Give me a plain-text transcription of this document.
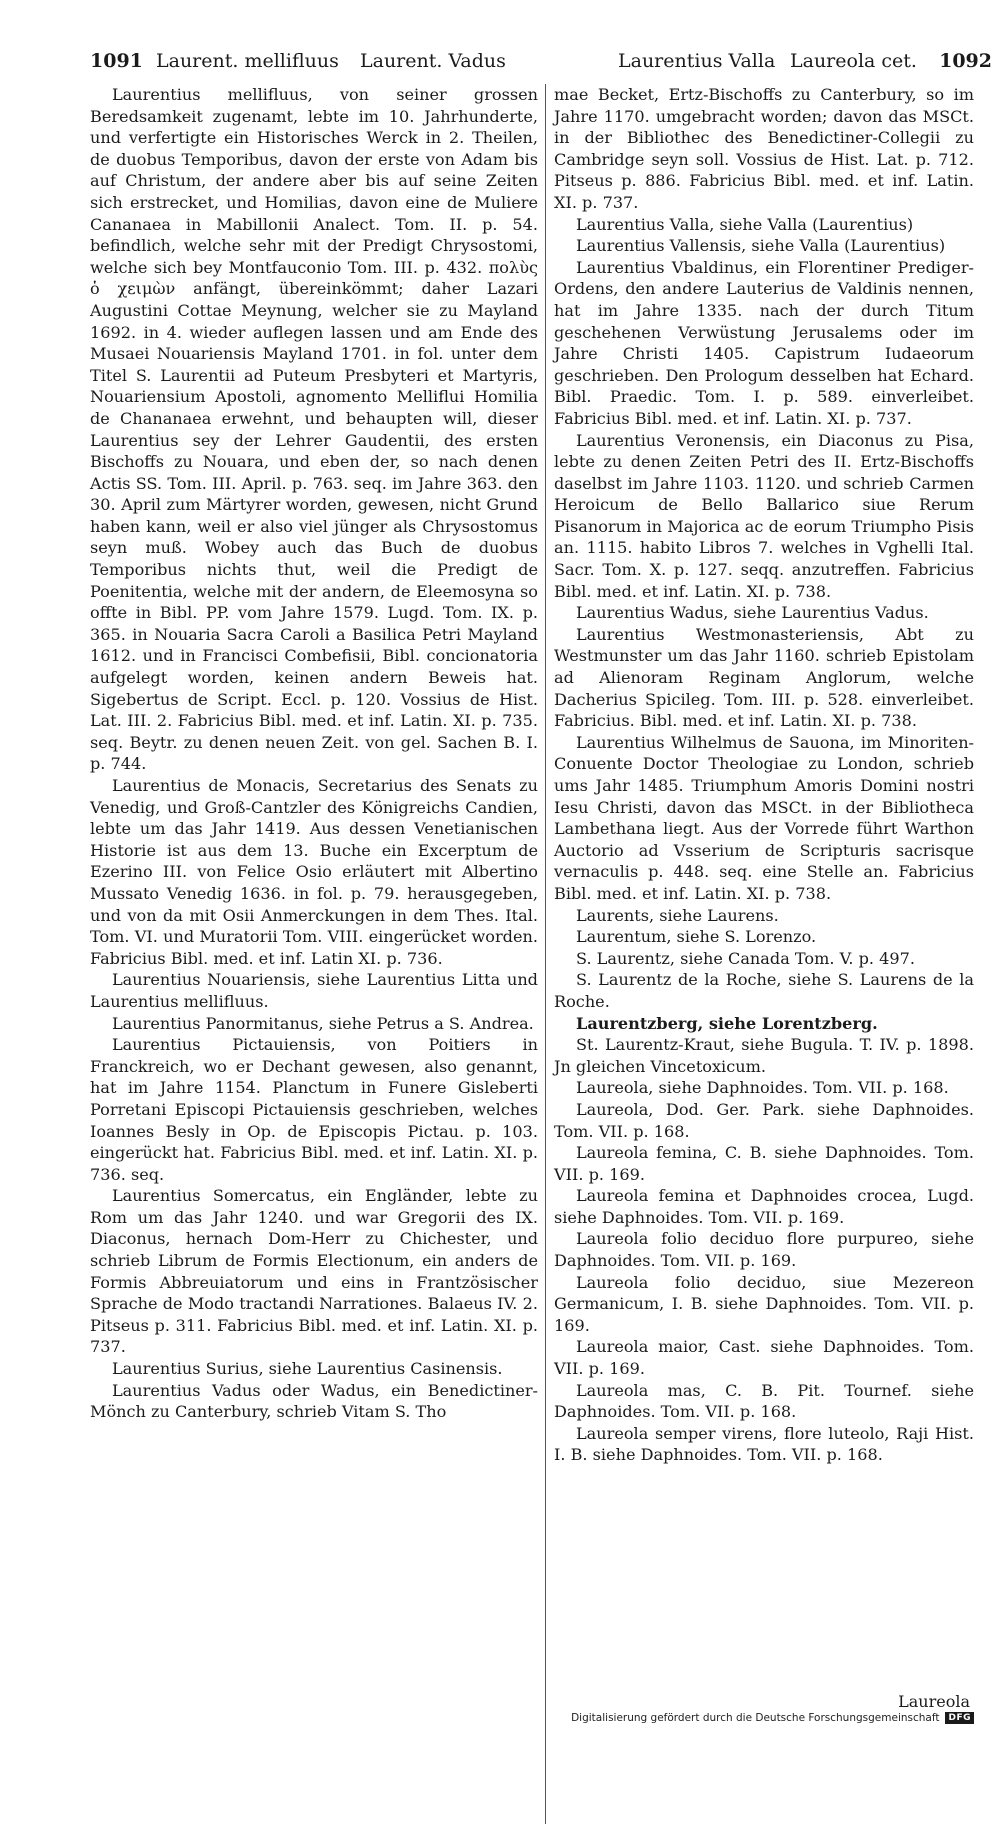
1091 Laurent. mellifluus Laurent. Vadus	Laurentius Valla Laureola cet. 1092

Laurentius mellifluus, von seiner grossen Beredsamkeit zugenamt, lebte im 10. Jahrhunderte, und verfertigte ein Historisches Werck in 2. Theilen, de duobus Temporibus, davon der erste von Adam bis auf Christum, der andere aber bis auf seine Zeiten sich erstrecket, und Homilias, davon eine de Muliere Cananaea in Mabillonii Analect. Tom. II. p. 54. befindlich, welche sehr mit der Predigt Chrysostomi, welche sich bey Montfauconio Tom. III. p. 432. πολὺς ὁ χειμὼν anfängt, übereinkömmt; daher Lazari Augustini Cottae Meynung, welcher sie zu Mayland 1692. in 4. wieder auflegen lassen und am Ende des Musaei Nouariensis Mayland 1701. in fol. unter dem Titel S. Laurentii ad Puteum Presbyteri et Martyris, Nouariensium Apostoli, agnomento Melliflui Homilia de Chananaea erwehnt, und behaupten will, dieser Laurentius sey der Lehrer Gaudentii, des ersten Bischoffs zu Nouara, und eben der, so nach denen Actis SS. Tom. III. April. p. 763. seq. im Jahre 363. den 30. April zum Märtyrer worden, gewesen, nicht Grund haben kann, weil er also viel jünger als Chrysostomus seyn muß. Wobey auch das Buch de duobus Temporibus nichts thut, weil die Predigt de Poenitentia, welche mit der andern, de Eleemosyna so offte in Bibl. PP. vom Jahre 1579. Lugd. Tom. IX. p. 365. in Nouaria Sacra Caroli a Basilica Petri Mayland 1612. und in Francisci Combefisii, Bibl. concionatoria aufgelegt worden, keinen andern Beweis hat. Sigebertus de Script. Eccl. p. 120. Vossius de Hist. Lat. III. 2. Fabricius Bibl. med. et inf. Latin. XI. p. 735. seq. Beytr. zu denen neuen Zeit. von gel. Sachen B. I. p. 744.

Laurentius de Monacis, Secretarius des Senats zu Venedig, und Groß-Cantzler des Königreichs Candien, lebte um das Jahr 1419. Aus dessen Venetianischen Historie ist aus dem 13. Buche ein Excerptum de Ezerino III. von Felice Osio erläutert mit Albertino Mussato Venedig 1636. in fol. p. 79. herausgegeben, und von da mit Osii Anmerckungen in dem Thes. Ital. Tom. VI. und Muratorii Tom. VIII. eingerücket worden. Fabricius Bibl. med. et inf. Latin XI. p. 736.

Laurentius Nouariensis, siehe Laurentius Litta und Laurentius mellifluus.

Laurentius Panormitanus, siehe Petrus a S. Andrea.

Laurentius Pictauiensis, von Poitiers in Franckreich, wo er Dechant gewesen, also genannt, hat im Jahre 1154. Planctum in Funere Gisleberti Porretani Episcopi Pictauiensis geschrieben, welches Ioannes Besly in Op. de Episcopis Pictau. p. 103. eingerückt hat. Fabricius Bibl. med. et inf. Latin. XI. p. 736. seq.

Laurentius Somercatus, ein Engländer, lebte zu Rom um das Jahr 1240. und war Gregorii des IX. Diaconus, hernach Dom-Herr zu Chichester, und schrieb Librum de Formis Electionum, ein anders de Formis Abbreuiatorum und eins in Frantzösischer Sprache de Modo tractandi Narrationes. Balaeus IV. 2. Pitseus p. 311. Fabricius Bibl. med. et inf. Latin. XI. p. 737.

Laurentius Surius, siehe Laurentius Casinensis.

Laurentius Vadus oder Wadus, ein Benedictiner-Mönch zu Canterbury, schrieb Vitam S. Tho

mae Becket, Ertz-Bischoffs zu Canterbury, so im Jahre 1170. umgebracht worden; davon das MSCt. in der Bibliothec des Benedictiner-Collegii zu Cambridge seyn soll. Vossius de Hist. Lat. p. 712. Pitseus p. 886. Fabricius Bibl. med. et inf. Latin. XI. p. 737.

Laurentius Valla, siehe Valla (Laurentius)

Laurentius Vallensis, siehe Valla (Laurentius)

Laurentius Vbaldinus, ein Florentiner Prediger-Ordens, den andere Lauterius de Valdinis nennen, hat im Jahre 1335. nach der durch Titum geschehenen Verwüstung Jerusalems oder im Jahre Christi 1405. Capistrum Iudaeorum geschrieben. Den Prologum desselben hat Echard. Bibl. Praedic. Tom. I. p. 589. einverleibet. Fabricius Bibl. med. et inf. Latin. XI. p. 737.

Laurentius Veronensis, ein Diaconus zu Pisa, lebte zu denen Zeiten Petri des II. Ertz-Bischoffs daselbst im Jahre 1103. 1120. und schrieb Carmen Heroicum de Bello Ballarico siue Rerum Pisanorum in Majorica ac de eorum Triumpho Pisis an. 1115. habito Libros 7. welches in Vghelli Ital. Sacr. Tom. X. p. 127. seqq. anzutreffen. Fabricius Bibl. med. et inf. Latin. XI. p. 738.

Laurentius Wadus, siehe Laurentius Vadus.

Laurentius Westmonasteriensis, Abt zu Westmunster um das Jahr 1160. schrieb Epistolam ad Alienoram Reginam Anglorum, welche Dacherius Spicileg. Tom. III. p. 528. einverleibet. Fabricius. Bibl. med. et inf. Latin. XI. p. 738.

Laurentius Wilhelmus de Sauona, im Minoriten-Conuente Doctor Theologiae zu London, schrieb ums Jahr 1485. Triumphum Amoris Domini nostri Iesu Christi, davon das MSCt. in der Bibliotheca Lambethana liegt. Aus der Vorrede führt Warthon Auctorio ad Vsserium de Scripturis sacrisque vernaculis p. 448. seq. eine Stelle an. Fabricius Bibl. med. et inf. Latin. XI. p. 738.

Laurents, siehe Laurens.

Laurentum, siehe S. Lorenzo.

S. Laurentz, siehe Canada Tom. V. p. 497.

S. Laurentz de la Roche, siehe S. Laurens de la Roche.

Laurentzberg, siehe Lorentzberg.

St. Laurentz-Kraut, siehe Bugula. T. IV. p. 1898. Jn gleichen Vincetoxicum.

Laureola, siehe Daphnoides. Tom. VII. p. 168.

Laureola, Dod. Ger. Park. siehe Daphnoides. Tom. VII. p. 168.

Laureola femina, C. B. siehe Daphnoides. Tom. VII. p. 169.

Laureola femina et Daphnoides crocea, Lugd. siehe Daphnoides. Tom. VII. p. 169.

Laureola folio deciduo flore purpureo, siehe Daphnoides. Tom. VII. p. 169.

Laureola folio deciduo, siue Mezereon Germanicum, I. B. siehe Daphnoides. Tom. VII. p. 169.

Laureola maior, Cast. siehe Daphnoides. Tom. VII. p. 169.

Laureola mas, C. B. Pit. Tournef. siehe Daphnoides. Tom. VII. p. 168.

Laureola semper virens, flore luteolo, Raji Hist. I. B. siehe Daphnoides. Tom. VII. p. 168.

Laureola
Digitalisierung gefördert durch die Deutsche Forschungsgemeinschaft	DFG
